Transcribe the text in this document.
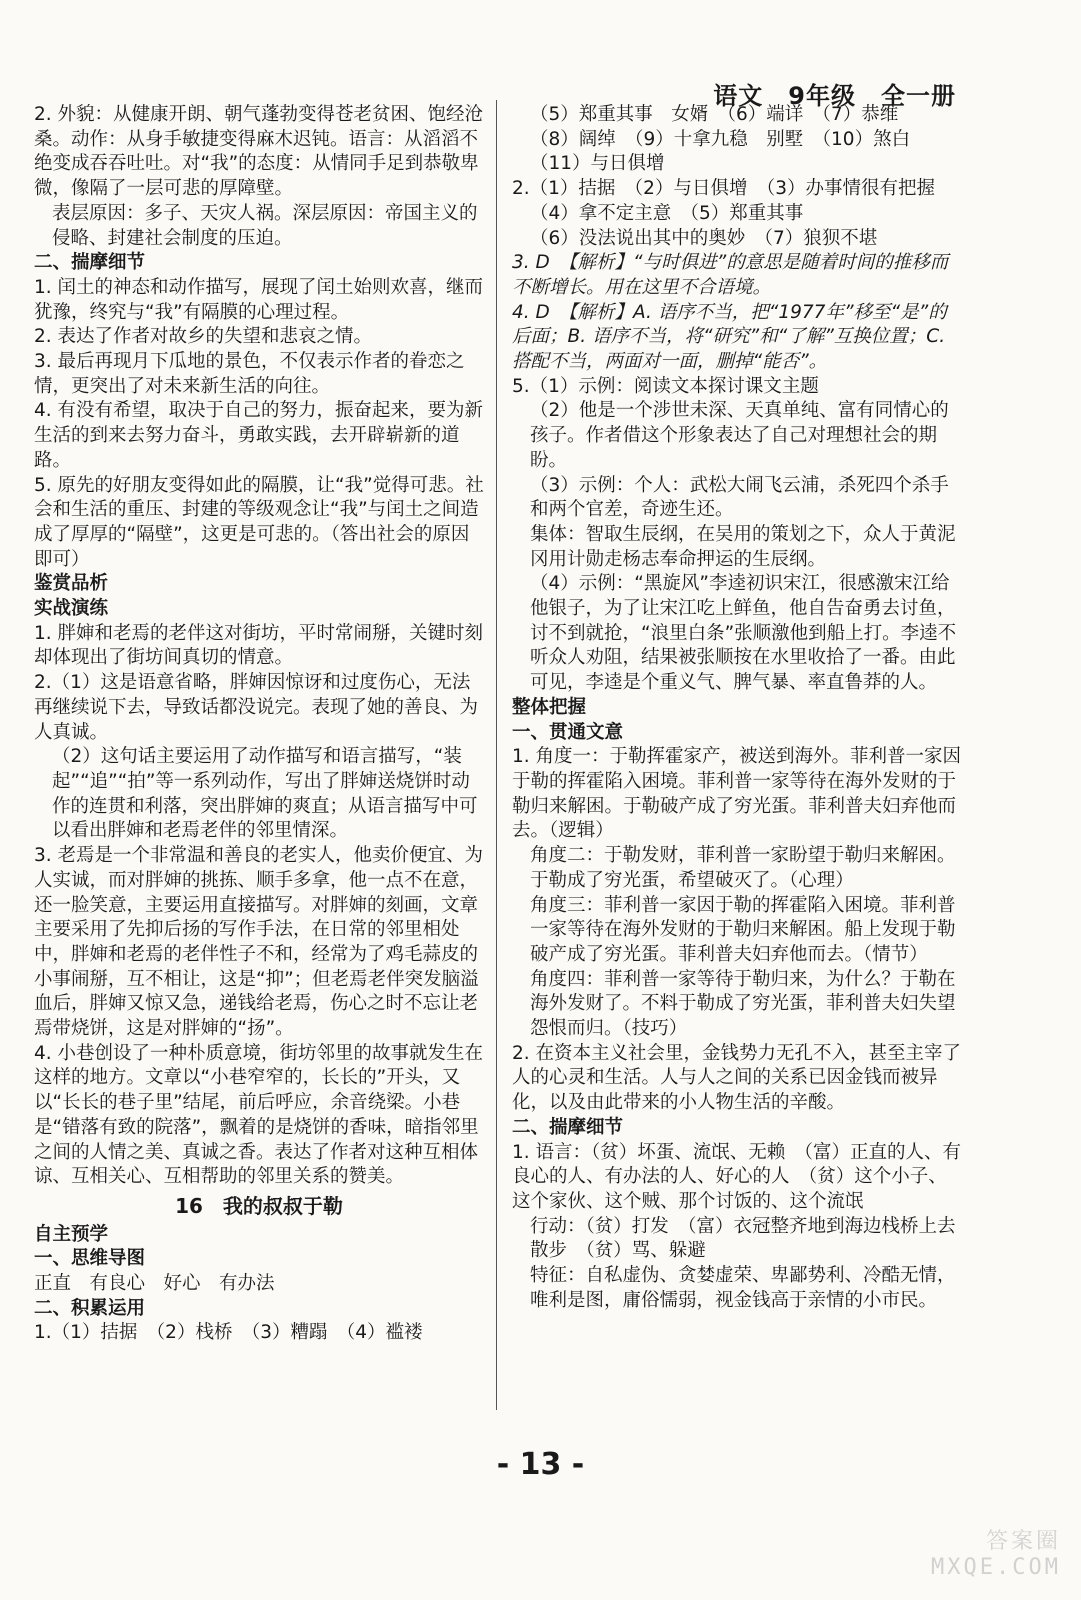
语文　9年级　全一册
2. 外貌：从健康开朗、朝气蓬勃变得苍老贫困、饱经沧桑。动作：从身手敏捷变得麻木迟钝。语言：从滔滔不绝变成吞吞吐吐。对“我”的态度：从情同手足到恭敬卑微，像隔了一层可悲的厚障壁。
表层原因：多子、天灾人祸。深层原因：帝国主义的侵略、封建社会制度的压迫。
二、揣摩细节
1. 闰土的神态和动作描写，展现了闰土始则欢喜，继而犹豫，终究与“我”有隔膜的心理过程。
2. 表达了作者对故乡的失望和悲哀之情。
3. 最后再现月下瓜地的景色，不仅表示作者的眷恋之情，更突出了对未来新生活的向往。
4. 有没有希望，取决于自己的努力，振奋起来，要为新生活的到来去努力奋斗，勇敢实践，去开辟崭新的道路。
5. 原先的好朋友变得如此的隔膜，让“我”觉得可悲。社会和生活的重压、封建的等级观念让“我”与闰土之间造成了厚厚的“隔壁”，这更是可悲的。（答出社会的原因即可）
鉴赏品析
实战演练
1. 胖婶和老焉的老伴这对街坊，平时常闹掰，关键时刻却体现出了街坊间真切的情意。
2.（1）这是语意省略，胖婶因惊讶和过度伤心，无法再继续说下去，导致话都没说完。表现了她的善良、为人真诚。
（2）这句话主要运用了动作描写和语言描写，“装起”“追”“拍”等一系列动作，写出了胖婶送烧饼时动作的连贯和利落，突出胖婶的爽直；从语言描写中可以看出胖婶和老焉老伴的邻里情深。
3. 老焉是一个非常温和善良的老实人，他卖价便宜、为人实诚，而对胖婶的挑拣、顺手多拿，他一点不在意，还一脸笑意，主要运用直接描写。对胖婶的刻画，文章主要采用了先抑后扬的写作手法，在日常的邻里相处中，胖婶和老焉的老伴性子不和，经常为了鸡毛蒜皮的小事闹掰，互不相让，这是“抑”；但老焉老伴突发脑溢血后，胖婶又惊又急，递钱给老焉，伤心之时不忘让老焉带烧饼，这是对胖婶的“扬”。
4. 小巷创设了一种朴质意境，街坊邻里的故事就发生在这样的地方。文章以“小巷窄窄的，长长的”开头，又以“长长的巷子里”结尾，前后呼应，余音绕梁。小巷是“错落有致的院落”，飘着的是烧饼的香味，暗指邻里之间的人情之美、真诚之香。表达了作者对这种互相体谅、互相关心、互相帮助的邻里关系的赞美。
16　我的叔叔于勒
自主预学
一、思维导图
正直　有良心　好心　有办法
二、积累运用
1.（1）拮据　（2）栈桥　（3）糟蹋　（4）褴褛
（5）郑重其事　女婿　（6）端详　（7）恭维
（8）阔绰　（9）十拿九稳　别墅　（10）煞白
（11）与日俱增
2.（1）拮据　（2）与日俱增　（3）办事情很有把握
（4）拿不定主意　（5）郑重其事
（6）没法说出其中的奥妙　（7）狼狈不堪
3. D　【解析】“与时俱进”的意思是随着时间的推移而不断增长。用在这里不合语境。
4. D　【解析】A. 语序不当，把“1977年”移至“是”的后面；B. 语序不当，将“研究”和“了解”互换位置；C. 搭配不当，两面对一面，删掉“能否”。
5.（1）示例：阅读文本探讨课文主题
（2）他是一个涉世未深、天真单纯、富有同情心的孩子。作者借这个形象表达了自己对理想社会的期盼。
（3）示例：个人：武松大闹飞云浦，杀死四个杀手和两个官差，奇迹生还。
集体：智取生辰纲，在吴用的策划之下，众人于黄泥冈用计勋走杨志奉命押运的生辰纲。
（4）示例：“黑旋风”李逵初识宋江，很感激宋江给他银子，为了让宋江吃上鲜鱼，他自告奋勇去讨鱼，讨不到就抢，“浪里白条”张顺激他到船上打。李逵不听众人劝阻，结果被张顺按在水里收拾了一番。由此可见，李逵是个重义气、脾气暴、率直鲁莽的人。
整体把握
一、贯通文意
1. 角度一：于勒挥霍家产，被送到海外。菲利普一家因于勒的挥霍陷入困境。菲利普一家等待在海外发财的于勒归来解困。于勒破产成了穷光蛋。菲利普夫妇弃他而去。（逻辑）
角度二：于勒发财，菲利普一家盼望于勒归来解困。于勒成了穷光蛋，希望破灭了。（心理）
角度三：菲利普一家因于勒的挥霍陷入困境。菲利普一家等待在海外发财的于勒归来解困。船上发现于勒破产成了穷光蛋。菲利普夫妇弃他而去。（情节）
角度四：菲利普一家等待于勒归来，为什么？于勒在海外发财了。不料于勒成了穷光蛋，菲利普夫妇失望怨恨而归。（技巧）
2. 在资本主义社会里，金钱势力无孔不入，甚至主宰了人的心灵和生活。人与人之间的关系已因金钱而被异化，以及由此带来的小人物生活的辛酸。
二、揣摩细节
1. 语言：（贫）坏蛋、流氓、无赖　（富）正直的人、有良心的人、有办法的人、好心的人　（贫）这个小子、这个家伙、这个贼、那个讨饭的、这个流氓
行动：（贫）打发　（富）衣冠整齐地到海边栈桥上去散步　（贫）骂、躲避
特征：自私虚伪、贪婪虚荣、卑鄙势利、冷酷无情，唯利是图，庸俗懦弱，视金钱高于亲情的小市民。
- 13 -
答案圈
MXQE.COM
